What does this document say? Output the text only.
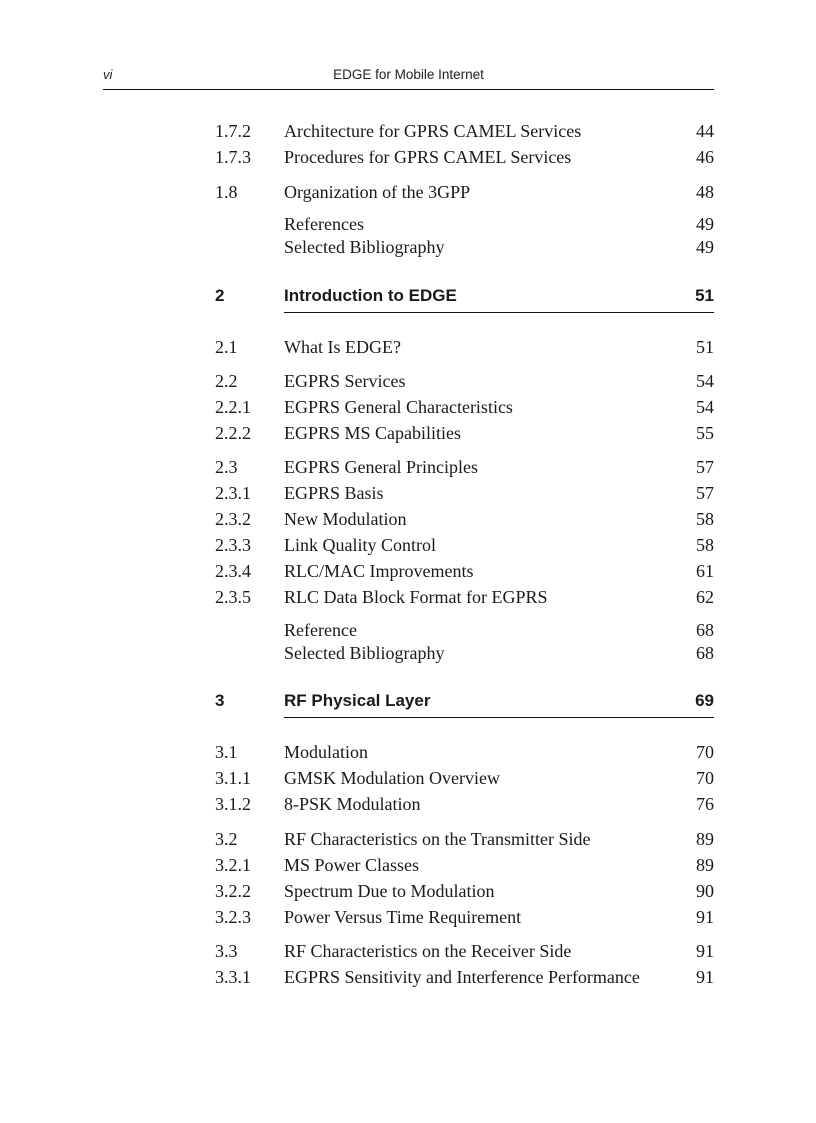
vi	EDGE for Mobile Internet
1.7.2 Architecture for GPRS CAMEL Services	44
1.7.3 Procedures for GPRS CAMEL Services	46
1.8	Organization of the 3GPP	48
References	49
Selected Bibliography	49
2	Introduction to EDGE	51
2.1	What Is EDGE?	51
2.2	EGPRS Services	54
2.2.1 EGPRS General Characteristics	54
2.2.2 EGPRS MS Capabilities	55
2.3	EGPRS General Principles	57
2.3.1 EGPRS Basis	57
2.3.2 New Modulation	58
2.3.3 Link Quality Control	58
2.3.4 RLC/MAC Improvements	61
2.3.5 RLC Data Block Format for EGPRS	62
Reference	68
Selected Bibliography	68
3	RF Physical Layer	69
3.1	Modulation	70
3.1.1 GMSK Modulation Overview	70
3.1.2 8-PSK Modulation	76
3.2	RF Characteristics on the Transmitter Side	89
3.2.1 MS Power Classes	89
3.2.2 Spectrum Due to Modulation	90
3.2.3 Power Versus Time Requirement	91
3.3	RF Characteristics on the Receiver Side	91
3.3.1 EGPRS Sensitivity and Interference Performance	91
